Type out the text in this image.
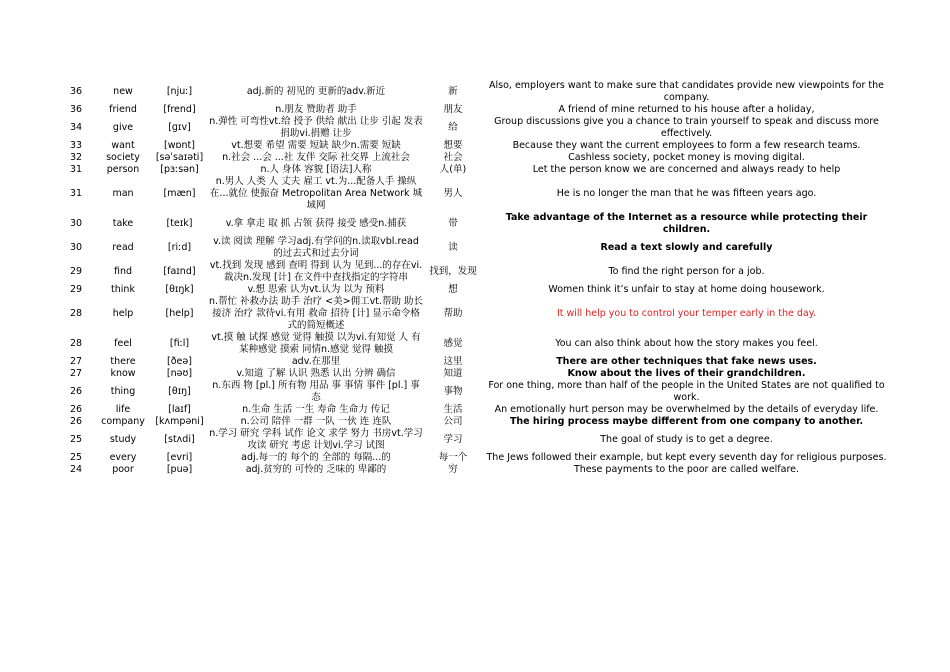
36	new	[njuː]	adj.新的 初见的 更新的adv.新近	新	Also, employers want to make sure that candidates provide new viewpoints for the company.
36	friend	[frend]	n.朋友 赞助者 助手	朋友	A friend of mine returned to his house after a holiday,
34	give	[ɡɪv]	n.弹性 可弯性vt.给 授予 供给 献出 让步 引起 发表 捐助vi.捐赠 让步	给	Group discussions give you a chance to train yourself to speak and discuss more effectively.
33	want	[wɒnt]	vt.想要 希望 需要 短缺 缺少n.需要 短缺	想要	Because they want the current employees to form a few research teams.
32	society	[səˈsaɪəti]	n.社会 ...会 ...社 友伴 交际 社交界 上流社会	社会	Cashless society, pocket money is moving digital.
31	person	[pɜːsən]	n.人 身体 容貌 [语法]人称	人(单)	Let the person know we are concerned and always ready to help
31	man	[mæn]	n.男人 人类 人 丈夫 雇工 vt.为...配备人手 操纵 在...就位 使振奋 Metropolitan Area Network 城域网	男人	He is no longer the man that he was fifteen years ago.
30	take	[teɪk]	v.拿 拿走 取 抓 占领 获得 接受 感受n.捕获	带	Take advantage of the Internet as a resource while protecting their children.
30	read	[riːd]	v.读 阅读 理解 学习adj.有学问的n.读取vbl.read的过去式和过去分词	读	Read a text slowly and carefully
29	find	[faɪnd]	vt.找到 发现 感到 查明 得到 认为 见到...的存在vi.裁决n.发现 [计] 在文件中查找指定的字符串	找到，发现	To find the right person for a job.
29	think	[θɪŋk]	v.想 思索 认为vt.认为 以为 预料	想	Women think it’s unfair to stay at home doing housework.
28	help	[help]	n.帮忙 补救办法 助手 治疗 <美>佣工vt.帮助 助长 接济 治疗 款待vi.有用 救命 招待 [计] 显示命令格式的简短概述	帮助	It will help you to control your temper early in the day.
28	feel	[fiːl]	vt.摸 触 试探 感觉 觉得 触摸 以为vi.有知觉 人 有某种感觉 摸索 同情n.感觉 觉得 触摸	感觉	You can also think about how the story makes you feel.
27	there	[ðeə]	adv.在那里	这里	There are other techniques that fake news uses.
27	know	[nəʊ]	v.知道 了解 认识 熟悉 认出 分辨 确信	知道	Know about the lives of their grandchildren.
26	thing	[θɪŋ]	n.东西 物 [pl.] 所有物 用品 事 事情 事件 [pl.] 事态	事物	For one thing, more than half of the people in the United States are not qualified to work.
26	life	[laɪf]	n.生命 生活 一生 寿命 生命力 传记	生活	An emotionally hurt person may be overwhelmed by the details of everyday life.
26	company	[kʌmpəni]	n.公司 陪伴 一群 一队 一伙 连 连队	公司	The hiring process maybe different from one company to another.
25	study	[stʌdi]	n.学习 研究 学科 试作 论文 求学 努力 书房vt.学习 攻读 研究 考虑 计划vi.学习 试图	学习	The goal of study is to get a degree.
25	every	[evri]	adj.每一的 每个的 全部的 每隔...的	每一个	The Jews followed their example, but kept every seventh day for religious purposes.
24	poor	[puə]	adj.贫穷的 可怜的 乏味的 卑鄙的	穷	These payments to the poor are called welfare.
